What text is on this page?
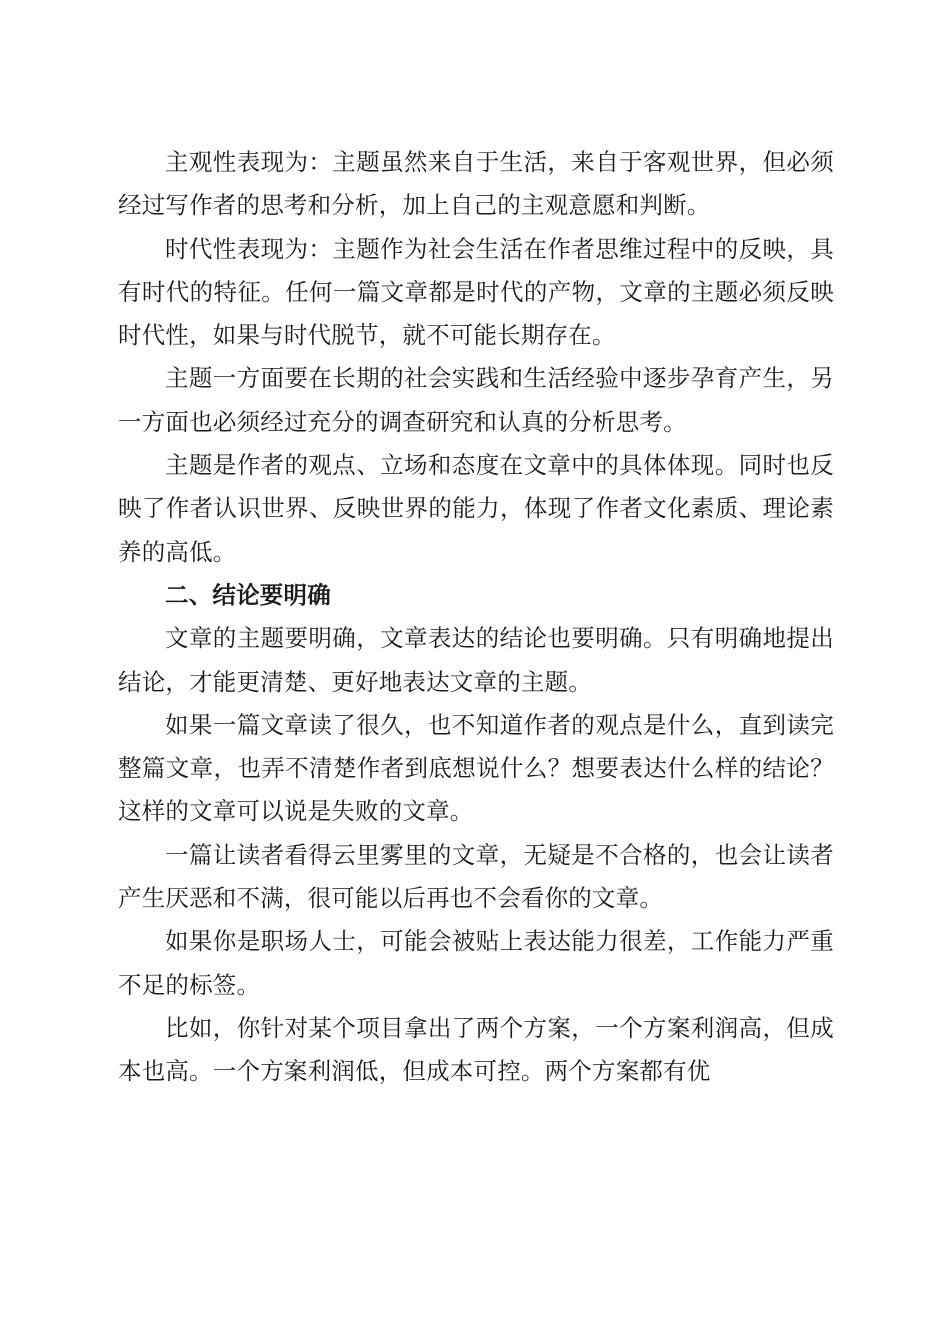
主观性表现为：主题虽然来自于生活，来自于客观世界，但必须经过写作者的思考和分析，加上自己的主观意愿和判断。

时代性表现为：主题作为社会生活在作者思维过程中的反映，具有时代的特征。任何一篇文章都是时代的产物，文章的主题必须反映时代性，如果与时代脱节，就不可能长期存在。

主题一方面要在长期的社会实践和生活经验中逐步孕育产生，另一方面也必须经过充分的调查研究和认真的分析思考。

主题是作者的观点、立场和态度在文章中的具体体现。同时也反映了作者认识世界、反映世界的能力，体现了作者文化素质、理论素养的高低。

二、结论要明确

文章的主题要明确，文章表达的结论也要明确。只有明确地提出结论，才能更清楚、更好地表达文章的主题。

如果一篇文章读了很久，也不知道作者的观点是什么，直到读完整篇文章，也弄不清楚作者到底想说什么？想要表达什么样的结论？这样的文章可以说是失败的文章。

一篇让读者看得云里雾里的文章，无疑是不合格的，也会让读者产生厌恶和不满，很可能以后再也不会看你的文章。

如果你是职场人士，可能会被贴上表达能力很差，工作能力严重不足的标签。

比如，你针对某个项目拿出了两个方案，一个方案利润高，但成本也高。一个方案利润低，但成本可控。两个方案都有优
